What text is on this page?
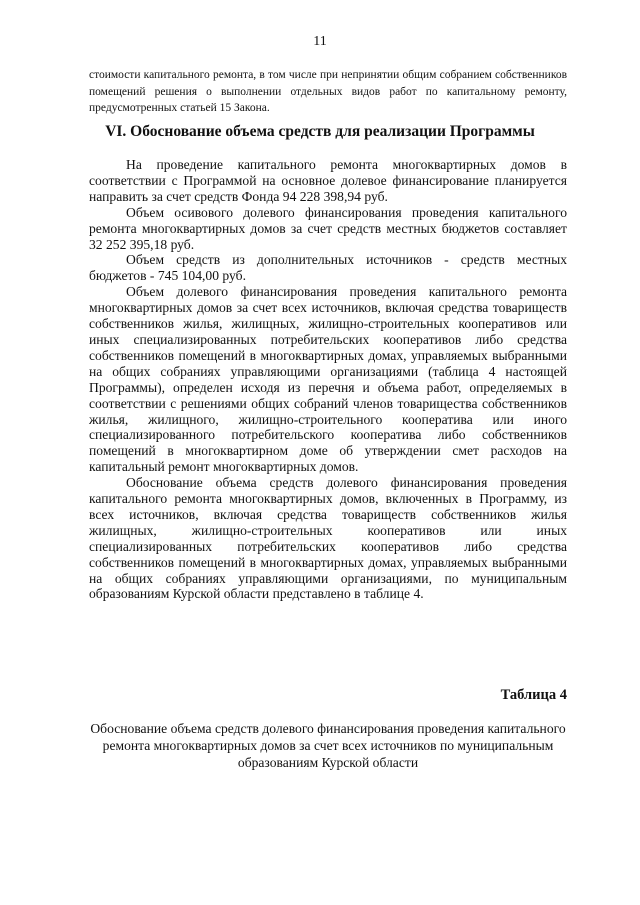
11
стоимости капитального ремонта, в том числе при непринятии общим собранием собственников помещений решения о выполнении отдельных видов работ по капитальному ремонту, предусмотренных статьей 15 Закона.
VI. Обоснование объема средств для реализации Программы

На проведение капитального ремонта многоквартирных домов в соответствии с Программой на основное долевое финансирование планируется направить за счет средств Фонда 94 228 398,94 руб.

Объем осивового долевого финансирования проведения капитального ремонта многоквартирных домов за счет средств местных бюджетов составляет 32 252 395,18 руб.

Объем средств из дополнительных источников - средств местных бюджетов - 745 104,00 руб.

Объем долевого финансирования проведения капитального ремонта многоквартирных домов за счет всех источников, включая средства товариществ собственников жилья, жилищных, жилищно-строительных кооперативов или иных специализированных потребительских кооперативов либо средства собственников помещений в многоквартирных домах, управляемых выбранными на общих собраниях управляющими организациями (таблица 4 настоящей Программы), определен исходя из перечня и объема работ, определяемых в соответствии с решениями общих собраний членов товарищества собственников жилья, жилищного, жилищно-строительного кооператива или иного специализированного потребительского кооператива либо собственников помещений в многоквартирном доме об утверждении смет расходов на капитальный ремонт многоквартирных домов.

Обоснование объема средств долевого финансирования проведения капитального ремонта многоквартирных домов, включенных в Программу, из всех источников, включая средства товариществ собственников жилья жилищных, жилищно-строительных кооперативов или иных специализированных потребительских кооперативов либо средства собственников помещений в многоквартирных домах, управляемых выбранными на общих собраниях управляющими организациями, по муниципальным образованиям Курской области представлено в таблице 4.

Таблица 4
Обоснование объема средств долевого финансирования проведения капитального ремонта многоквартирных домов за счет всех источников по муниципальным образованиям Курской области
